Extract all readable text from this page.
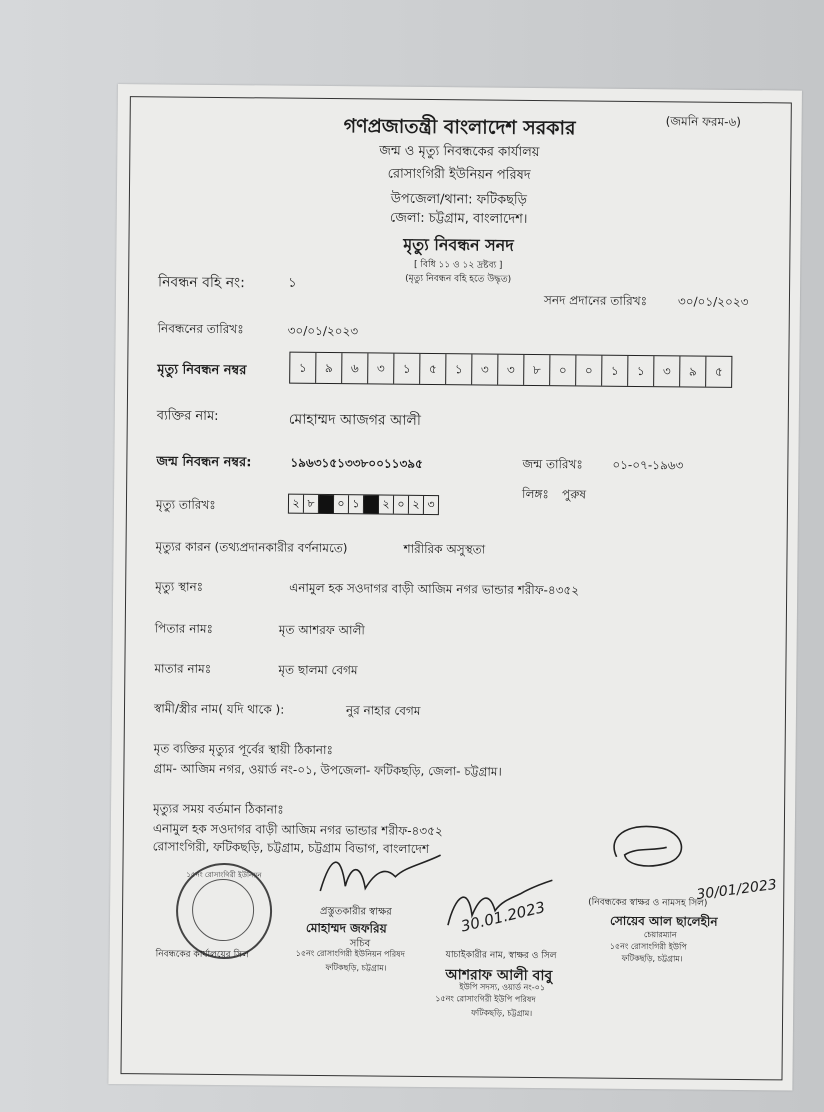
গণপ্রজাতন্ত্রী বাংলাদেশ সরকার	(জমনি ফরম-৬)
জন্ম ও মৃত্যু নিবন্ধকের কার্যালয়
রোসাংগিরী ইউনিয়ন পরিষদ
উপজেলা/থানা: ফটিকছড়ি
জেলা: চট্টগ্রাম, বাংলাদেশ।
মৃত্যু নিবন্ধন সনদ
[ বিধি ১১ ও ১২ দ্রষ্টব্য ]
(মৃত্যু নিবন্ধন বহি হতে উদ্ধৃত)
নিবন্ধন বহি নং:	১
সনদ প্রদানের তারিখঃ	৩০/০১/২০২৩
নিবন্ধনের তারিখঃ	৩০/০১/২০২৩
মৃত্যু নিবন্ধন নম্বর	১	৯	৬	৩	১	৫	১	৩	৩	৮	০	০	১	১	৩	৯	৫
ব্যক্তির নাম:	মোহাম্মদ আজগর আলী
জন্ম নিবন্ধন নম্বর:	১৯৬৩১৫১৩৩৮০০১১৩৯৫	জন্ম তারিখঃ ০১-০৭-১৯৬৩
লিঙ্গঃ পুরুষ
মৃত্যু তারিখঃ	২ ৮	০ ১	২ ০ ২ ৩
মৃত্যুর কারন (তথ্যপ্রদানকারীর বর্ণনামতে)	শারীরিক অসুস্থতা
মৃত্যু স্থানঃ	এনামুল হক সওদাগর বাড়ী আজিম নগর ভান্ডার শরীফ-৪৩৫২
পিতার নামঃ	মৃত আশরফ আলী
মাতার নামঃ	মৃত ছালমা বেগম
স্বামী/স্ত্রীর নাম( যদি থাকে ):	নুর নাহার বেগম
মৃত ব্যক্তির মৃত্যুর পূর্বের স্থায়ী ঠিকানাঃ
গ্রাম- আজিম নগর, ওয়ার্ড নং-০১, উপজেলা- ফটিকছড়ি, জেলা- চট্টগ্রাম।
মৃত্যুর সময় বর্তমান ঠিকানাঃ
এনামুল হক সওদাগর বাড়ী আজিম নগর ভান্ডার শরীফ-৪৩৫২
রোসাংগিরী, ফটিকছড়ি, চট্টগ্রাম, চট্টগ্রাম বিভাগ, বাংলাদেশ
১৫নং রোসাংগিরী ইউনিয়ন
প্রস্তুতকারীর স্বাক্ষর
মোহাম্মদ জফরিয়
সচিব
নিবন্ধকের কার্যালয়ের সিল	১৫নং রোসাংগিরী ইউনিয়ন পরিষদ
ফটিকছড়ি, চট্টগ্রাম।
30.01.2023
যাচাইকারীর নাম, স্বাক্ষর ও সিল
আশরাফ আলী বাবু
ইউপি সদস্য, ওয়ার্ড নং-০১
১৫নং রোসাংগিরী ইউপি পরিষদ
ফটিকছড়ি, চট্টগ্রাম।
30/01/2023
(নিবন্ধকের স্বাক্ষর ও নামসহ সিল)
সোয়েব আল ছালেহীন
চেয়ারম্যান
১৫নং রোসাংগিরী ইউপি
ফটিকছড়ি, চট্টগ্রাম।
